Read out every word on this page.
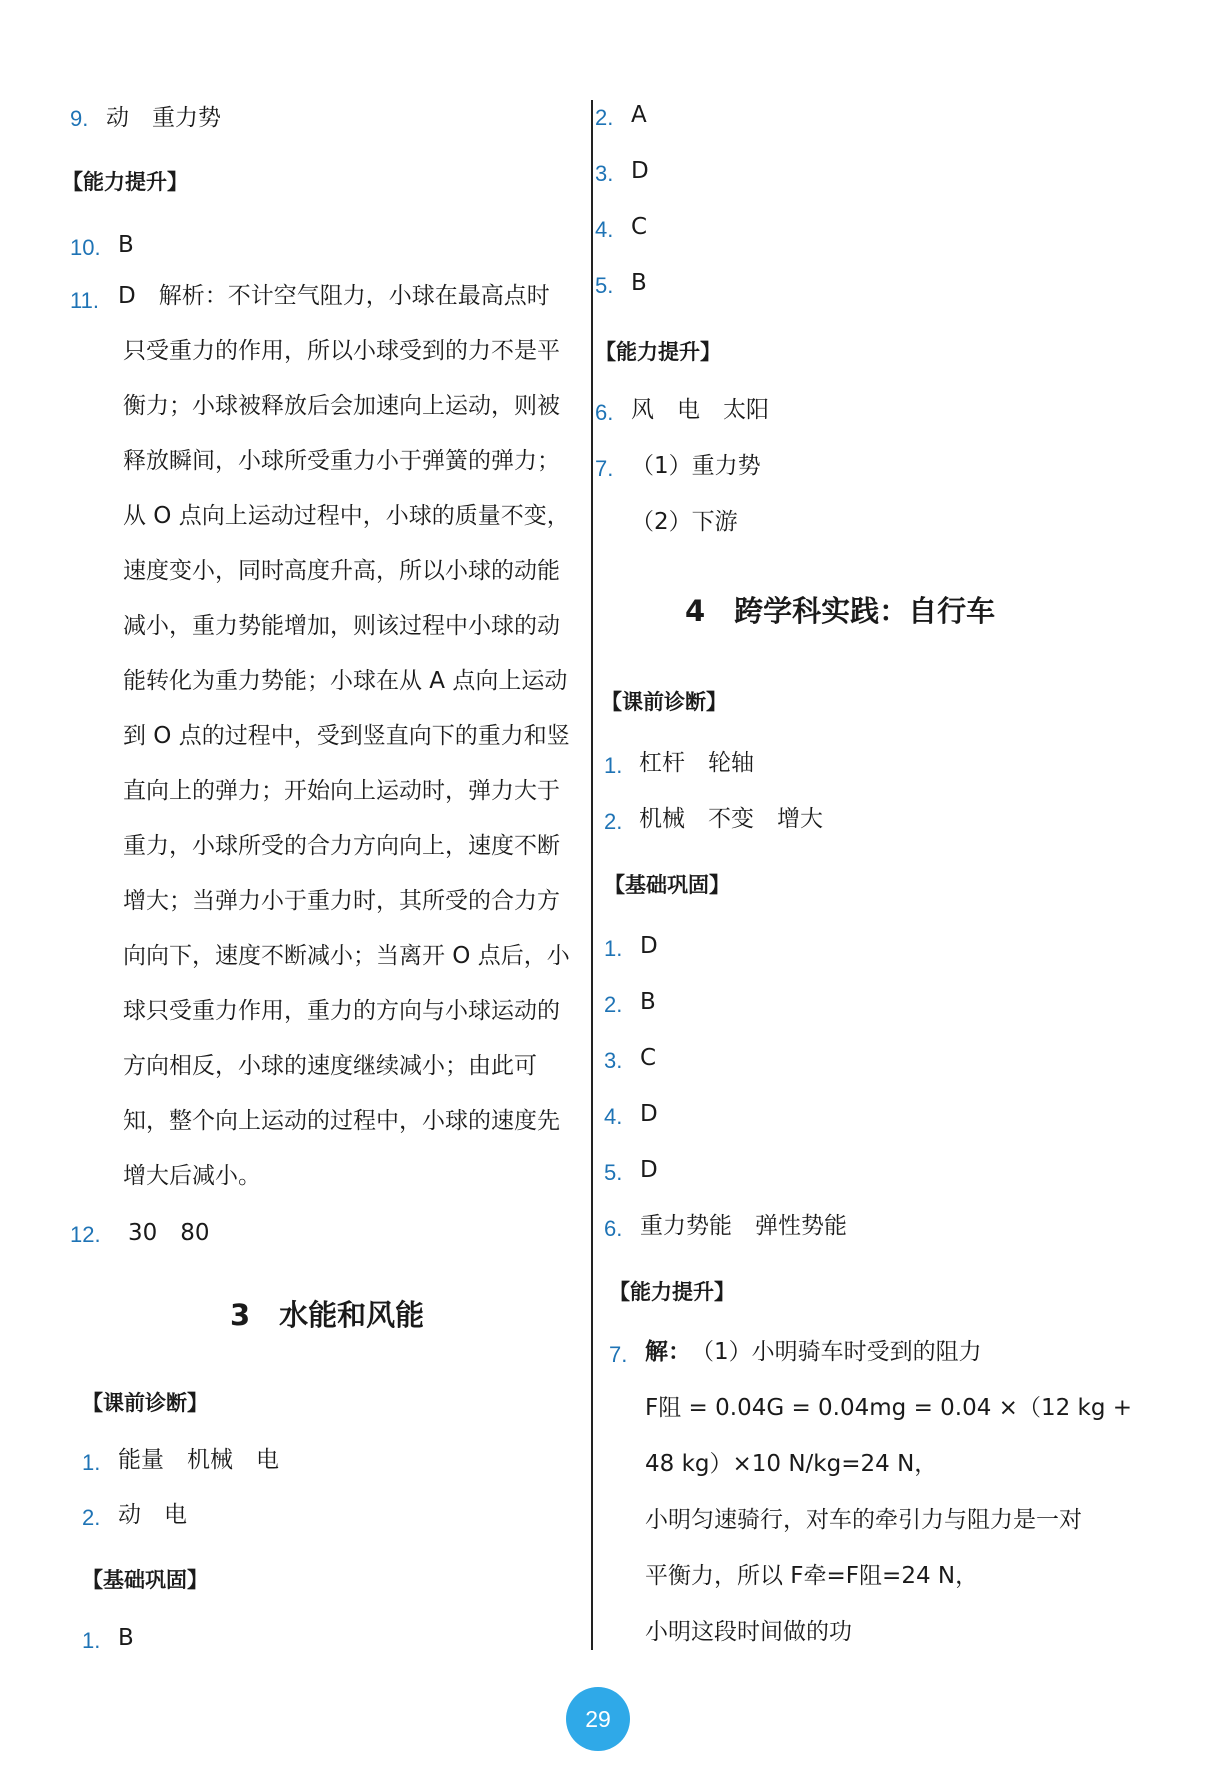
9. 动　重力势
【能力提升】
10. B
11. D　解析：不计空气阻力，小球在最高点时
只受重力的作用，所以小球受到的力不是平
衡力；小球被释放后会加速向上运动，则被
释放瞬间，小球所受重力小于弹簧的弹力；
从 O 点向上运动过程中，小球的质量不变，
速度变小，同时高度升高，所以小球的动能
减小，重力势能增加，则该过程中小球的动
能转化为重力势能；小球在从 A 点向上运动
到 O 点的过程中，受到竖直向下的重力和竖
直向上的弹力；开始向上运动时，弹力大于
重力，小球所受的合力方向向上，速度不断
增大；当弹力小于重力时，其所受的合力方
向向下，速度不断减小；当离开 O 点后，小
球只受重力作用，重力的方向与小球运动的
方向相反，小球的速度继续减小；由此可
知，整个向上运动的过程中，小球的速度先
增大后减小。
12. 30　80
3　水能和风能
【课前诊断】
1. 能量　机械　电
2. 动　电
【基础巩固】
1. B
2. A
3. D
4. C
5. B
【能力提升】
6. 风　电　太阳
7. （1）重力势
（2）下游
4　跨学科实践：自行车
【课前诊断】
1. 杠杆　轮轴
2. 机械　不变　增大
【基础巩固】
1. D
2. B
3. C
4. D
5. D
6. 重力势能　弹性势能
【能力提升】
7. 解： （1）小明骑车时受到的阻力
F阻 = 0.04G = 0.04mg = 0.04 ×（12 kg +
48 kg）×10 N/kg=24 N，
小明匀速骑行，对车的牵引力与阻力是一对
平衡力，所以 F牵=F阻=24 N，
小明这段时间做的功
29
